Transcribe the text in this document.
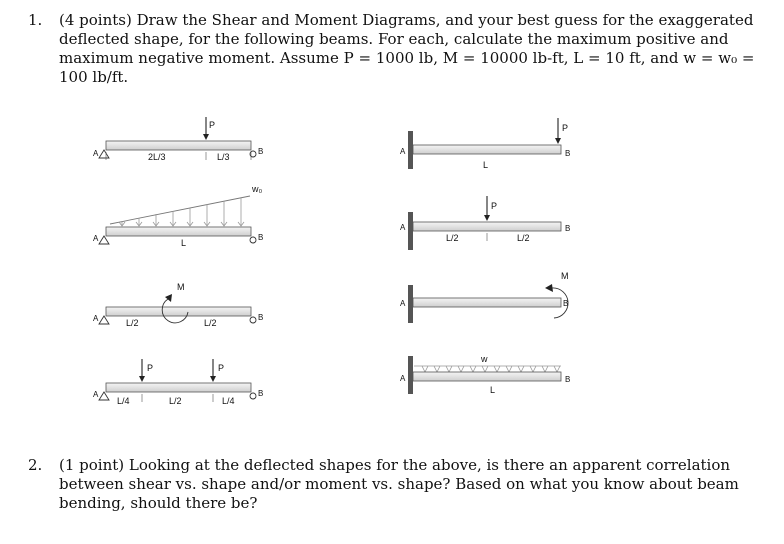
1. (4 points) Draw the Shear and Moment Diagrams, and your best guess for the exaggerated deflected shape, for the following beams. For each, calculate the maximum positive and maximum negative moment. Assume P = 1000 lb, M = 10000 lb-ft, L = 10 ft, and w = w₀ = 100 lb/ft.
A	B
P
2L/3	L/3
A	B
w₀
L
A	B
M
L/2	L/2
A	B
P	P
L/4	L/2	L/4
A	B
P
L
A	B
P
L/2	L/2
A	B
M
A	B
w
L
2. (1 point) Looking at the deflected shapes for the above, is there an apparent correlation between shear vs. shape and/or moment vs. shape? Based on what you know about beam bending, should there be?
